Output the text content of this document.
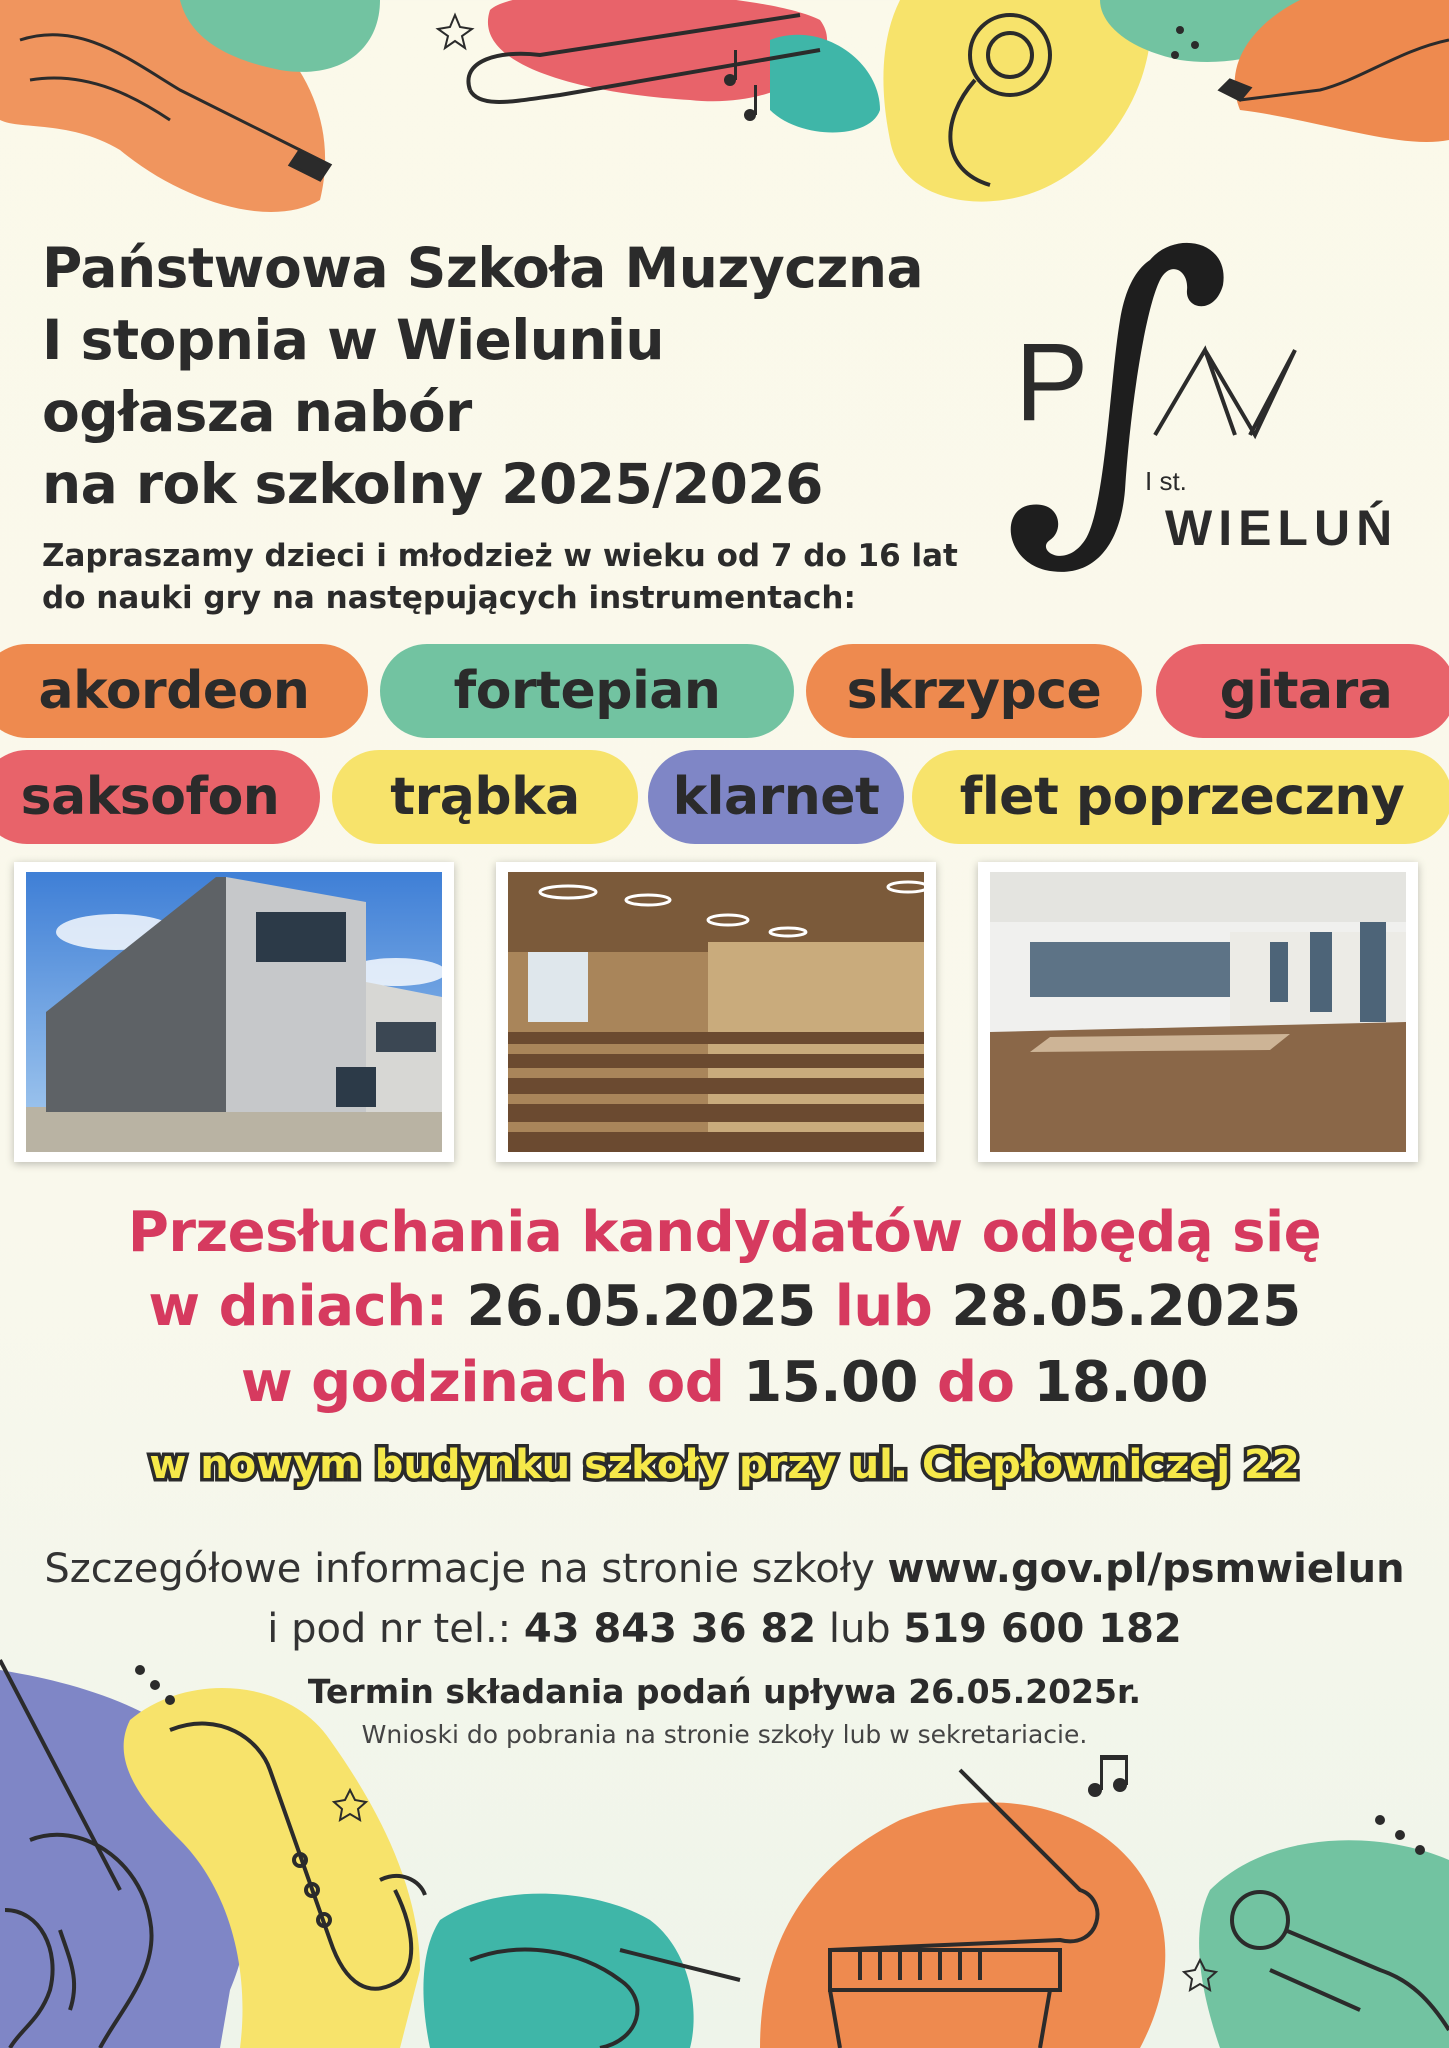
Państwowa Szkoła Muzyczna
I stopnia w Wieluniu
ogłasza nabór
na rok szkolny 2025/2026
P
I st.
WIELUŃ
Zapraszamy dzieci i młodzież w wieku od 7 do 16 lat
do nauki gry na następujących instrumentach:
akordeon	fortepian skrzypce gitara
saksofon trąbka klarnet flet poprzeczny
Przesłuchania kandydatów odbędą się
w dniach: 26.05.2025 lub 28.05.2025
w godzinach od 15.00 do 18.00
w nowym budynku szkoły przy ul. Ciepłowniczej 22
Szczegółowe informacje na stronie szkoły www.gov.pl/psmwielun
i pod nr tel.: 43 843 36 82 lub 519 600 182
Termin składania podań upływa 26.05.2025r.
Wnioski do pobrania na stronie szkoły lub w sekretariacie.
